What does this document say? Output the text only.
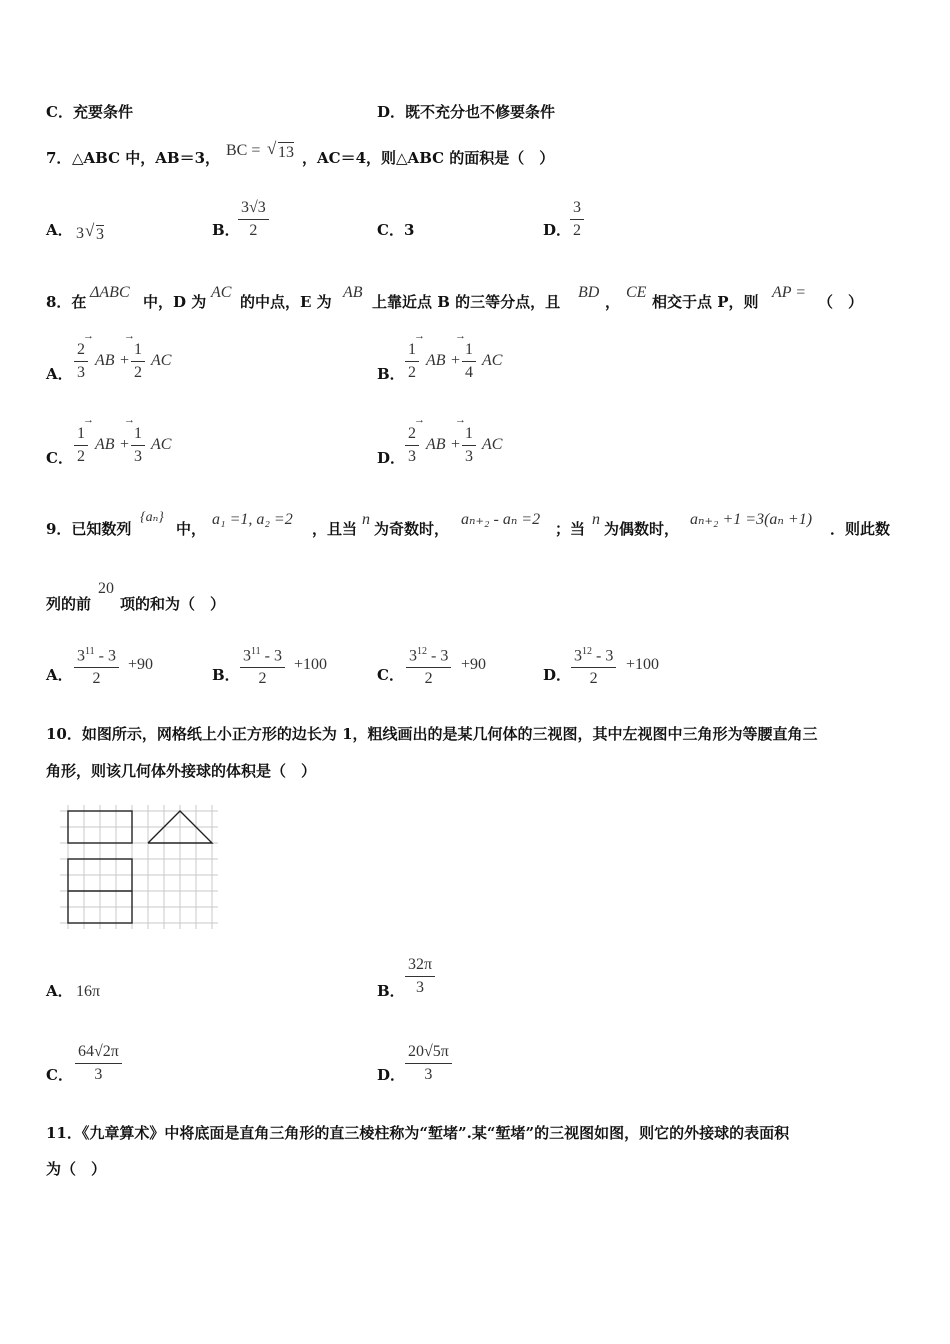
C．充要条件	D．既不充分也不修要条件
7． △ABC 中，AB＝3， BC = √ 13 ，AC＝4，则△ABC 的面积是（　）
A． 3 √ 3	B．
$\frac{3√3}{2}$	C．3	D．
$\frac{3}{2}$
8．在
ΔABC
中，D 为
AC
的中点，E 为
AB
上靠近点 B 的三等分点，且
BD
，
CE
相交于点 P，则
AP =
（　）
A． $\frac{2}{3}$
→
AB + $\frac{1}{2}$
→
AC
B． $\frac{1}{2}$
→
AB + $\frac{1}{4}$
→
AC
C． $\frac{1}{2}$
→
AB + $\frac{1}{3}$
→
AC
D． $\frac{2}{3}$
→
AB + $\frac{1}{3}$
→
AC
9．已知数列
{aₙ}
中，
a₁ =1, a₂ =2
，且当
n
为奇数时，
aₙ₊₂ - aₙ =2
；当
n
为偶数时，
aₙ₊₂ +1 =3(aₙ +1)
．则此数
列的前
20
项的和为（　）
A． $\frac{3^{11} - 3}{2} +90$
B． $\frac{3^{11} - 3}{2} +100$
C． $\frac{3^{12} - 3}{2} +90$
D． $\frac{3^{12} - 3}{2} +100$
10．如图所示，网格纸上小正方形的边长为 1，粗线画出的是某几何体的三视图，其中左视图中三角形为等腰直角三
角形，则该几何体外接球的体积是（　）
A． 16π	B． $\frac{32\pi}{3}$
C． $\frac{64√2\pi}{3}$	D． $\frac{20√5\pi}{3}$
11．《九章算术》中将底面是直角三角形的直三棱柱称为“堑堵”.某“堑堵”的三视图如图，则它的外接球的表面积
为（　）
